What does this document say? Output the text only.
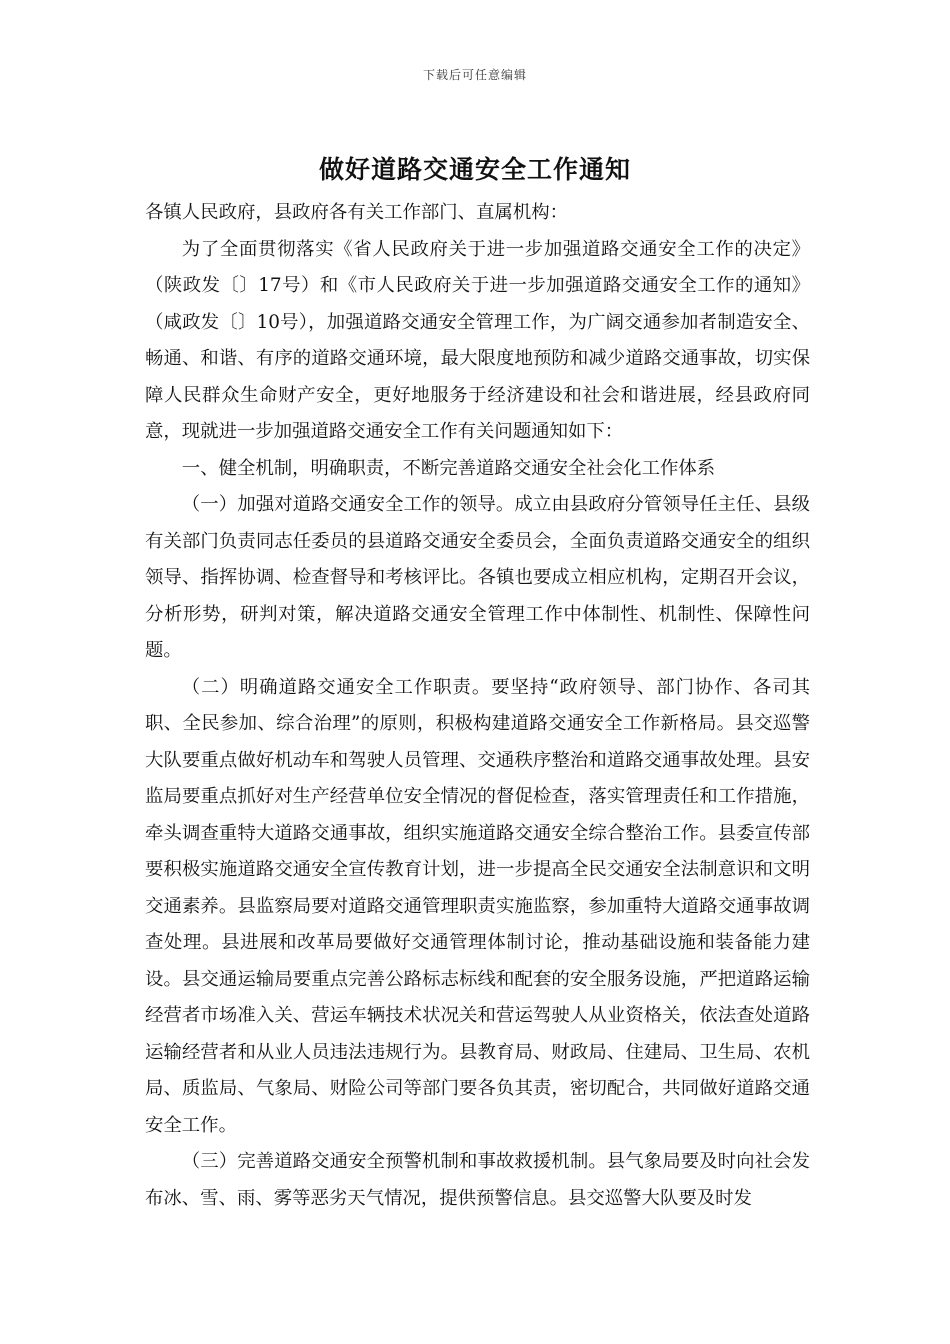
下载后可任意编辑
做好道路交通安全工作通知

各镇人民政府，县政府各有关工作部门、直属机构：

为了全面贯彻落实《省人民政府关于进一步加强道路交通安全工作的决定》（陕政发〔〕17号）和《市人民政府关于进一步加强道路交通安全工作的通知》（咸政发〔〕10号），加强道路交通安全管理工作，为广阔交通参加者制造安全、畅通、和谐、有序的道路交通环境，最大限度地预防和减少道路交通事故，切实保障人民群众生命财产安全，更好地服务于经济建设和社会和谐进展，经县政府同意，现就进一步加强道路交通安全工作有关问题通知如下：

一、健全机制，明确职责，不断完善道路交通安全社会化工作体系

（一）加强对道路交通安全工作的领导。成立由县政府分管领导任主任、县级有关部门负责同志任委员的县道路交通安全委员会，全面负责道路交通安全的组织领导、指挥协调、检查督导和考核评比。各镇也要成立相应机构，定期召开会议，分析形势，研判对策，解决道路交通安全管理工作中体制性、机制性、保障性问题。

（二）明确道路交通安全工作职责。要坚持“政府领导、部门协作、各司其职、全民参加、综合治理”的原则，积极构建道路交通安全工作新格局。县交巡警大队要重点做好机动车和驾驶人员管理、交通秩序整治和道路交通事故处理。县安监局要重点抓好对生产经营单位安全情况的督促检查，落实管理责任和工作措施，牵头调查重特大道路交通事故，组织实施道路交通安全综合整治工作。县委宣传部要积极实施道路交通安全宣传教育计划，进一步提高全民交通安全法制意识和文明交通素养。县监察局要对道路交通管理职责实施监察，参加重特大道路交通事故调查处理。县进展和改革局要做好交通管理体制讨论，推动基础设施和装备能力建设。县交通运输局要重点完善公路标志标线和配套的安全服务设施，严把道路运输经营者市场准入关、营运车辆技术状况关和营运驾驶人从业资格关，依法查处道路运输经营者和从业人员违法违规行为。县教育局、财政局、住建局、卫生局、农机局、质监局、气象局、财险公司等部门要各负其责，密切配合，共同做好道路交通安全工作。

（三）完善道路交通安全预警机制和事故救援机制。县气象局要及时向社会发布冰、雪、雨、雾等恶劣天气情况，提供预警信息。县交巡警大队要及时发
